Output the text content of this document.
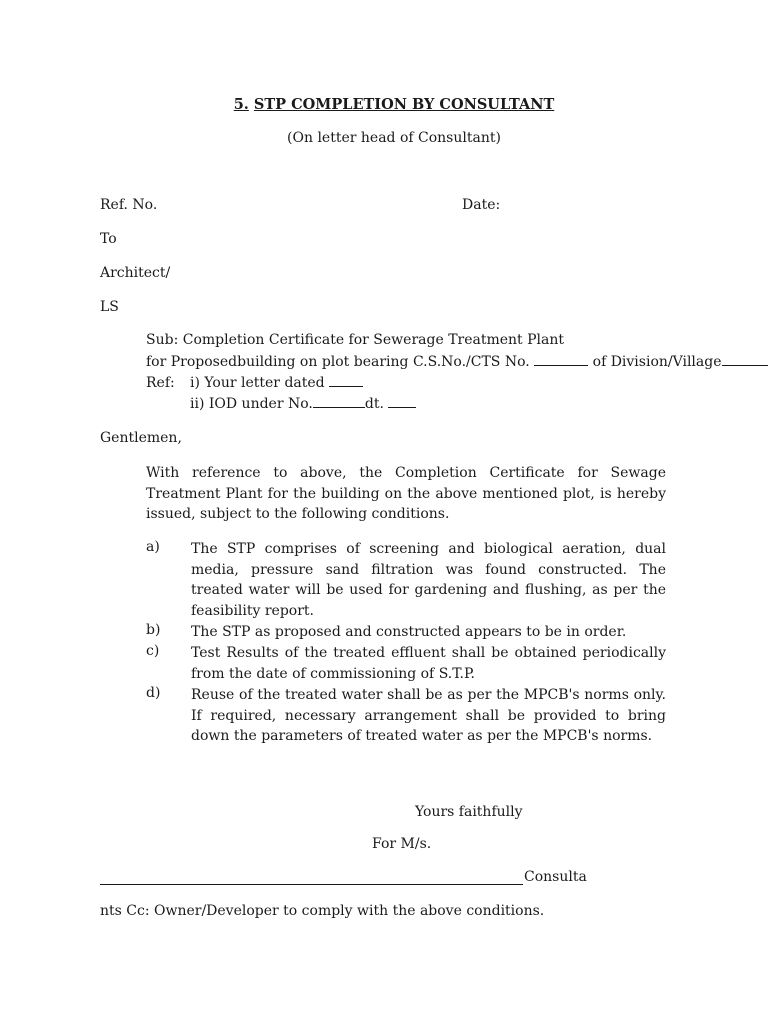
5. STP COMPLETION BY CONSULTANT
(On letter head of Consultant)
Ref. No.	Date:
To
Architect/
LS
Sub: Completion Certificate for Sewerage Treatment Plant
for Proposedbuilding on plot bearing C.S.No./CTS No.	of Division/Village
Ref: i) Your letter dated
ii) IOD under No.	dt.
Gentlemen,
With reference to above, the Completion Certificate for Sewage Treatment Plant for the building on the above mentioned plot, is hereby issued, subject to the following conditions.
a) The STP comprises of screening and biological aeration, dual media, pressure sand filtration was found constructed. The treated water will be used for gardening and flushing, as per the feasibility report.
b) The STP as proposed and constructed appears to be in order.
c) Test Results of the treated effluent shall be obtained periodically from the date of commissioning of S.T.P.
d) Reuse of the treated water shall be as per the MPCB's norms only. If required, necessary arrangement shall be provided to bring down the parameters of treated water as per the MPCB's norms.
Yours faithfully
For M/s.
Consulta
nts Cc: Owner/Developer to comply with the above conditions.
